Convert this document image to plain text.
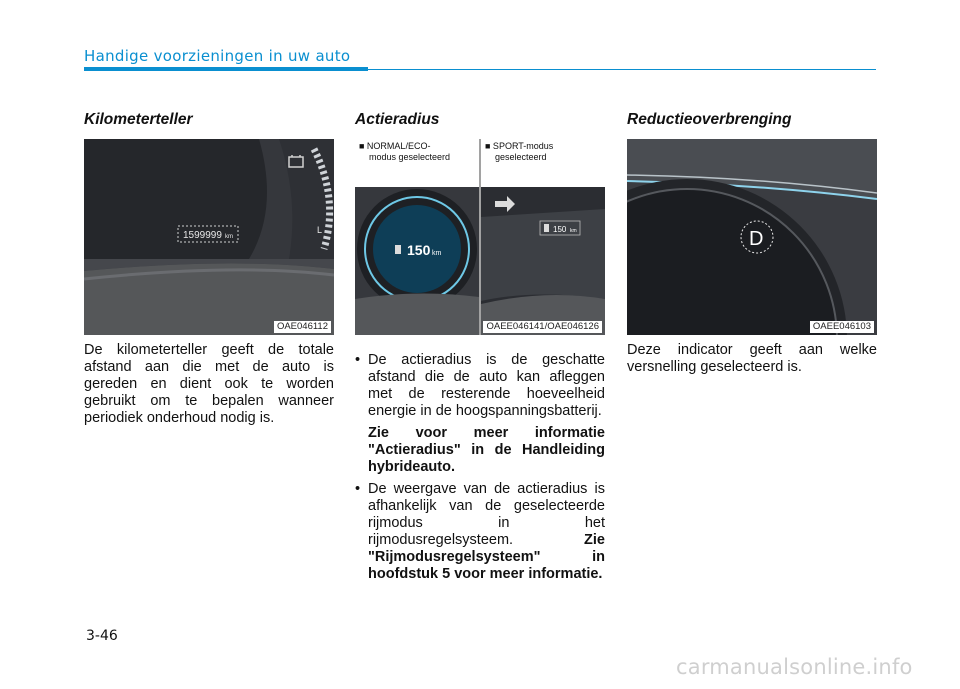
Handige voorzieningen in uw auto
Kilometerteller
1599999 km
L
OAE046112

De kilometerteller geeft de totale afstand aan die met de auto is gereden en dient ook te worden gebruikt om te bepalen wanneer periodiek onderhoud nodig is.

Actieradius
150 km
150 km
■ NORMAL/ECO-
modus geselecteerd
■ SPORT-modus
geselecteerd
OAEE046141/OAE046126
• De actieradius is de geschatte afstand die de auto kan afleggen met de resterende hoeveelheid energie in de hoogspanningsbatterij.
Zie voor meer informatie "Actieradius" in de Handleiding hybrideauto.
• De weergave van de actieradius is afhankelijk van de geselecteerde rijmodus in het rijmodusregelsysteem.	Zie "Rijmodusregelsysteem" in hoofdstuk 5 voor meer informatie.
Reductieoverbrenging
D
OAEE046103

Deze indicator geeft aan welke versnelling geselecteerd is.

3-46
carmanualsonline.info
